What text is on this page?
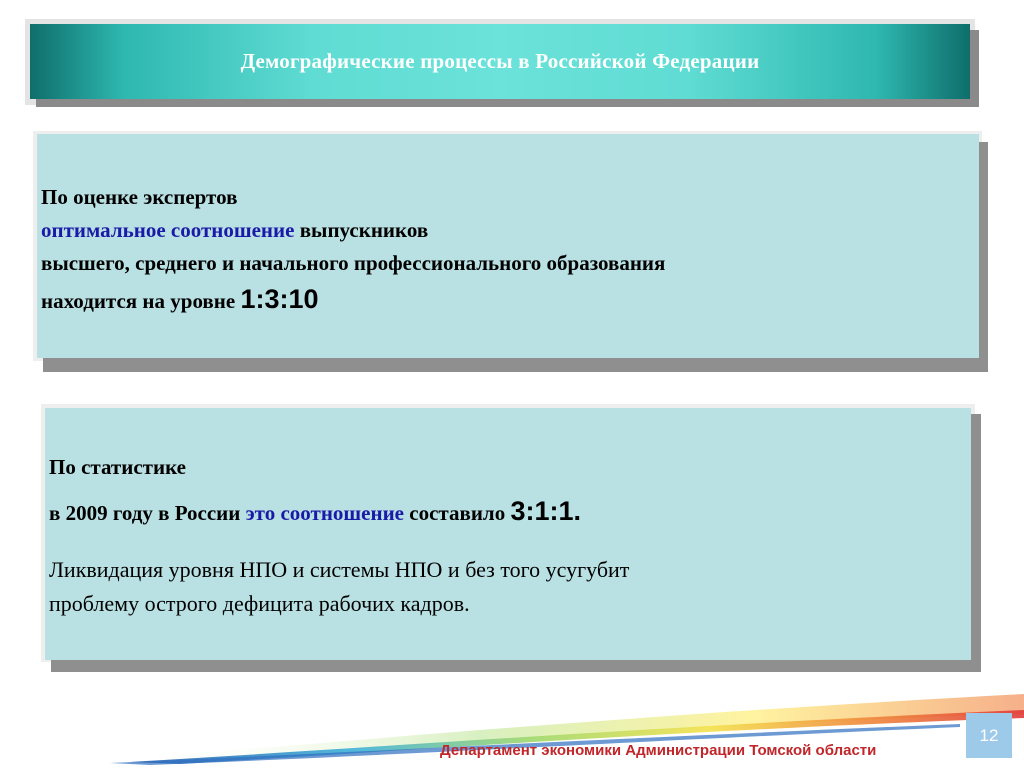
Демографические процессы в Российской Федерации
По оценке экспертов
оптимальное соотношение выпускников
высшего, среднего и начального профессионального образования
находится на уровне 1:3:10
По статистике
в 2009 году в России это соотношение составило 3:1:1.
Ликвидация уровня НПО и системы НПО и без того усугубит
проблему острого дефицита рабочих кадров.
12
Департамент экономики Администрации Томской области
